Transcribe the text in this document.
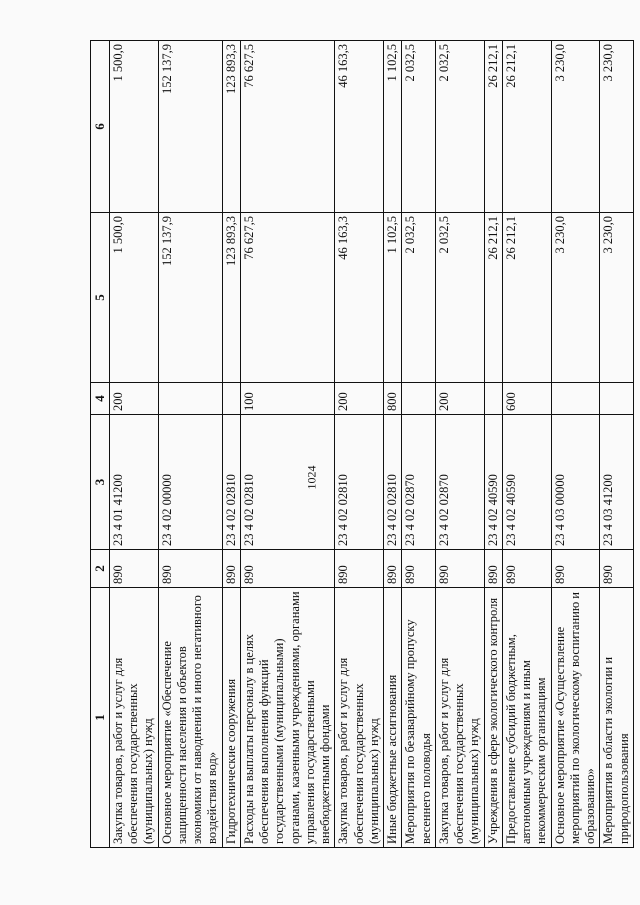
1024
1	2	3	4	5	6
Закупка товаров, работ и услуг для обеспечения государственных (муниципальных) нужд	890	23 4 01 41200	200	1 500,0	1 500,0
Основное мероприятие «Обеспечение защищенности населения и объектов экономики от наводнений и иного негативного воздействия вод»	890	23 4 02 00000		152 137,9	152 137,9
Гидротехнические сооружения	890	23 4 02 02810		123 893,3	123 893,3
Расходы на выплаты персоналу в целях обеспечения выполнения функций государственными (муниципальными) органами, казенными учреждениями, органами управления государственными внебюджетными фондами	890	23 4 02 02810	100	76 627,5	76 627,5
Закупка товаров, работ и услуг для обеспечения государственных (муниципальных) нужд	890	23 4 02 02810	200	46 163,3	46 163,3
Иные бюджетные ассигнования	890	23 4 02 02810	800	1 102,5	1 102,5
Мероприятия по безаварийному пропуску весеннего половодья	890	23 4 02 02870		2 032,5	2 032,5
Закупка товаров, работ и услуг для обеспечения государственных (муниципальных) нужд	890	23 4 02 02870	200	2 032,5	2 032,5
Учреждения в сфере экологического контроля	890	23 4 02 40590		26 212,1	26 212,1
Предоставление субсидий бюджетным, автономным учреждениям и иным некоммерческим организациям	890	23 4 02 40590	600	26 212,1	26 212,1
Основное мероприятие «Осуществление мероприятий по экологическому воспитанию и образованию»	890	23 4 03 00000		3 230,0	3 230,0
Мероприятия в области экологии и природопользования	890	23 4 03 41200		3 230,0	3 230,0
